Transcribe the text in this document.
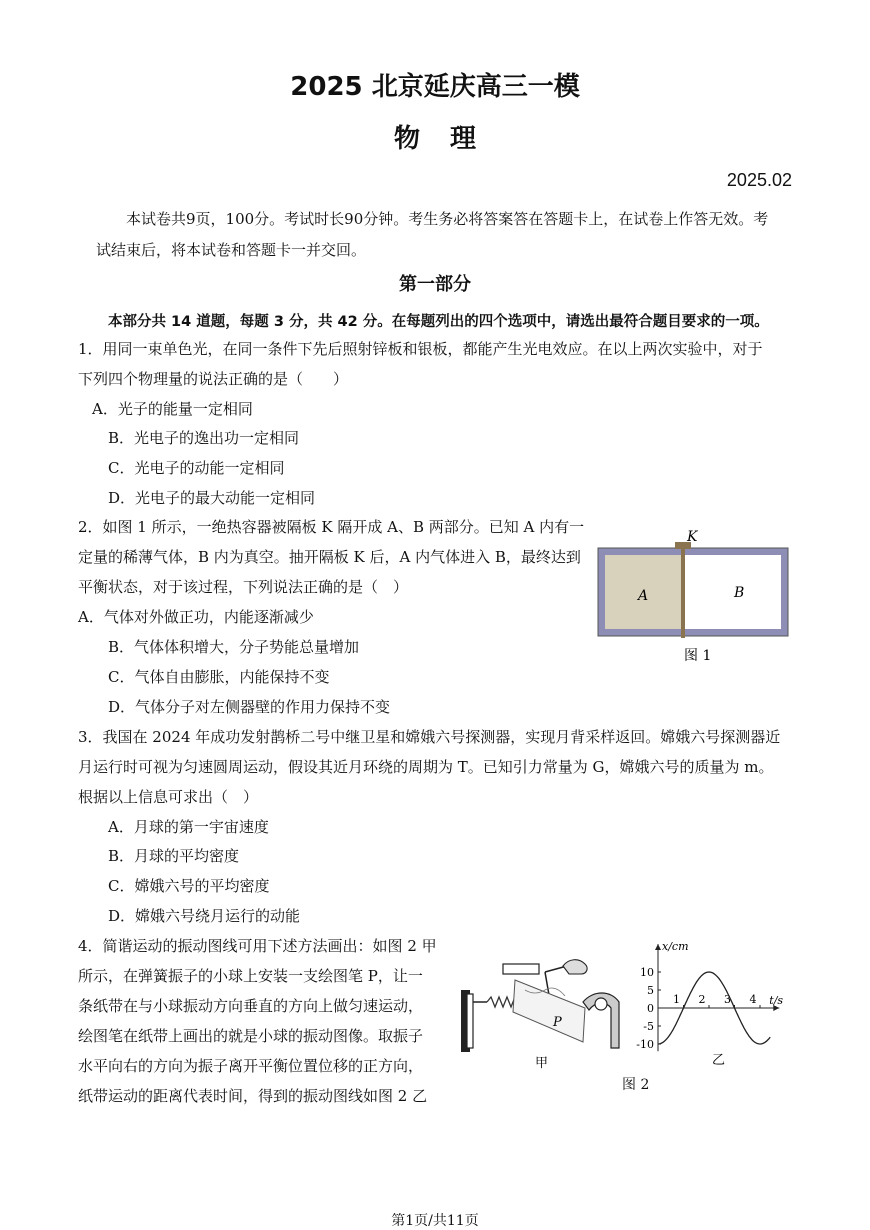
2025 北京延庆高三一模
物理
2025.02
本试卷共9页，100分。考试时长90分钟。考生务必将答案答在答题卡上，在试卷上作答无效。考
试结束后，将本试卷和答题卡一并交回。
第一部分
本部分共 14 道题，每题 3 分，共 42 分。在每题列出的四个选项中，请选出最符合题目要求的一项。
1．用同一束单色光，在同一条件下先后照射锌板和银板，都能产生光电效应。在以上两次实验中，对于
下列四个物理量的说法正确的是（　　）
A．光子的能量一定相同
B．光电子的逸出功一定相同
C．光电子的动能一定相同
D．光电子的最大动能一定相同
2．如图 1 所示，一绝热容器被隔板 K 隔开成 A、B 两部分。已知 A 内有一
定量的稀薄气体，B 内为真空。抽开隔板 K 后，A 内气体进入 B，最终达到
平衡状态，对于该过程，下列说法正确的是（　）
A．气体对外做正功，内能逐渐减少
B．气体体积增大，分子势能总量增加
C．气体自由膨胀，内能保持不变
D．气体分子对左侧器壁的作用力保持不变
K
A	B
图 1
3．我国在 2024 年成功发射鹊桥二号中继卫星和嫦娥六号探测器，实现月背采样返回。嫦娥六号探测器近
月运行时可视为匀速圆周运动，假设其近月环绕的周期为 T。已知引力常量为 G，嫦娥六号的质量为 m。
根据以上信息可求出（　）
A．月球的第一宇宙速度
B．月球的平均密度
C．嫦娥六号的平均密度
D．嫦娥六号绕月运行的动能
4．简谐运动的振动图线可用下述方法画出：如图 2 甲
所示，在弹簧振子的小球上安装一支绘图笔 P，让一
条纸带在与小球振动方向垂直的方向上做匀速运动，
绘图笔在纸带上画出的就是小球的振动图像。取振子
水平向右的方向为振子离开平衡位置位移的正方向，
纸带运动的距离代表时间，得到的振动图线如图 2 乙
P
甲
10
5
0
-5
-10
1 2 3 4
x/cm
t/s
乙
图 2
第1页/共11页
